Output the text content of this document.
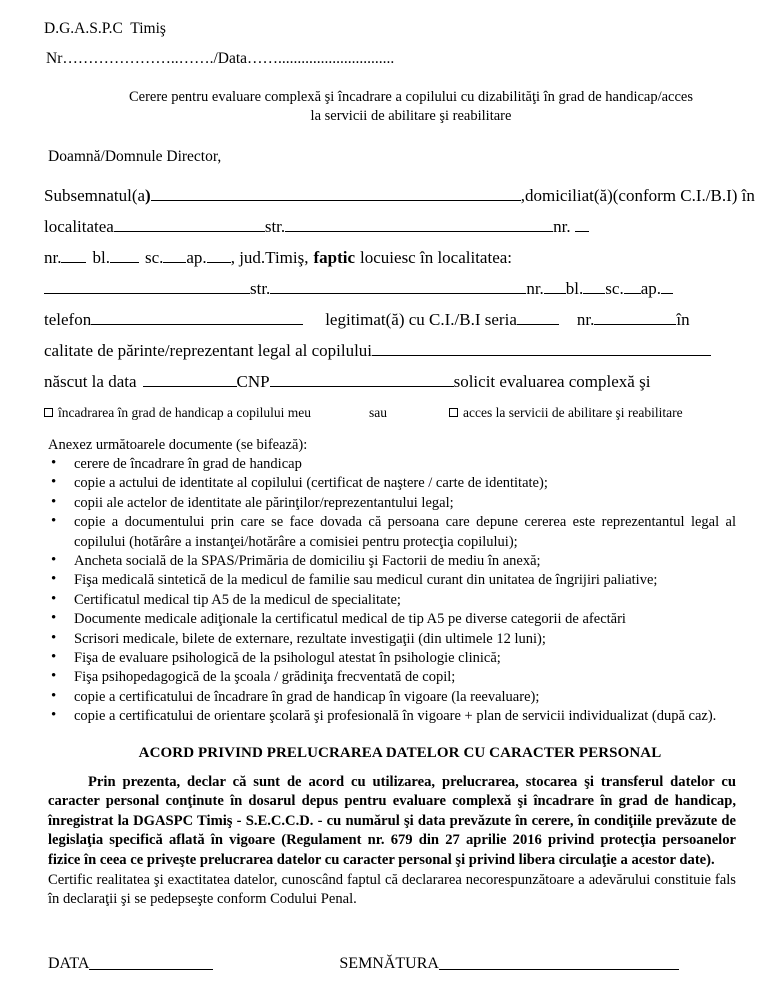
D.G.A.S.P.C  Timiş
Nr…………………..……./Data……..............................
Cerere pentru evaluare complexă şi încadrare a copilului cu dizabilităţi în grad de handicap/acces
la servicii de abilitare şi reabilitare
Doamnă/Domnule Director,
Subsemnatul(a)	,domiciliat(ă)(conform C.I./B.I) în
localitatea	str.	nr.
nr. bl. sc. ap. , jud.Timiş, faptic locuiesc în localitatea:
str.	nr. bl. sc. ap.
telefon	legitimat(ă) cu C.I./B.I seria	nr.	în
calitate de părinte/reprezentant legal al copilului
născut la data	CNP	solicit evaluarea complexă şi
încadrarea în grad de handicap a copilului meu	sau	acces la servicii de abilitare şi reabilitare
Anexez următoarele documente (se bifează):
• cerere de încadrare în grad de handicap
• copie a actului de identitate al copilului (certificat de naştere / carte de identitate);
• copii ale actelor de identitate ale părinţilor/reprezentantului legal;
• copie a documentului prin care se face dovada că persoana care depune cererea este reprezentantul legal al copilului (hotărâre a instanţei/hotărâre a comisiei pentru protecţia copilului);
• Ancheta socială de la SPAS/Primăria de domiciliu şi Factorii de mediu în anexă;
• Fişa medicală sintetică de la medicul de familie sau medicul curant din unitatea de îngrijiri paliative;
• Certificatul medical tip A5 de la medicul de specialitate;
• Documente medicale adiţionale la certificatul medical de tip A5 pe diverse categorii de afectări
• Scrisori medicale, bilete de externare, rezultate investigaţii (din ultimele 12 luni);
• Fişa de evaluare psihologică de la psihologul atestat în psihologie clinică;
• Fişa psihopedagogică de la şcoala / grădiniţa frecventată de copil;
• copie a certificatului de încadrare în grad de handicap în vigoare (la reevaluare);
• copie a certificatului de orientare şcolară şi profesională în vigoare + plan de servicii individualizat (după caz).
ACORD PRIVIND PRELUCRAREA DATELOR CU CARACTER PERSONAL
Prin prezenta, declar că sunt de acord cu utilizarea, prelucrarea, stocarea şi transferul datelor cu caracter personal conţinute în dosarul depus pentru evaluare complexă şi încadrare în grad de handicap, înregistrat la DGASPC Timiş - S.E.C.C.D. - cu numărul şi data prevăzute în cerere, în condiţiile prevăzute de legislaţia specifică aflată în vigoare (Regulament nr. 679 din 27 aprilie 2016 privind protecţia persoanelor fizice în ceea ce priveşte prelucrarea datelor cu caracter personal şi privind libera circulaţie a acestor date).
Certific realitatea şi exactitatea datelor, cunoscând faptul că declararea necorespunzătoare a adevărului constituie fals în declaraţii şi se pedepseşte conform Codului Penal.
DATA	SEMNĂTURA
